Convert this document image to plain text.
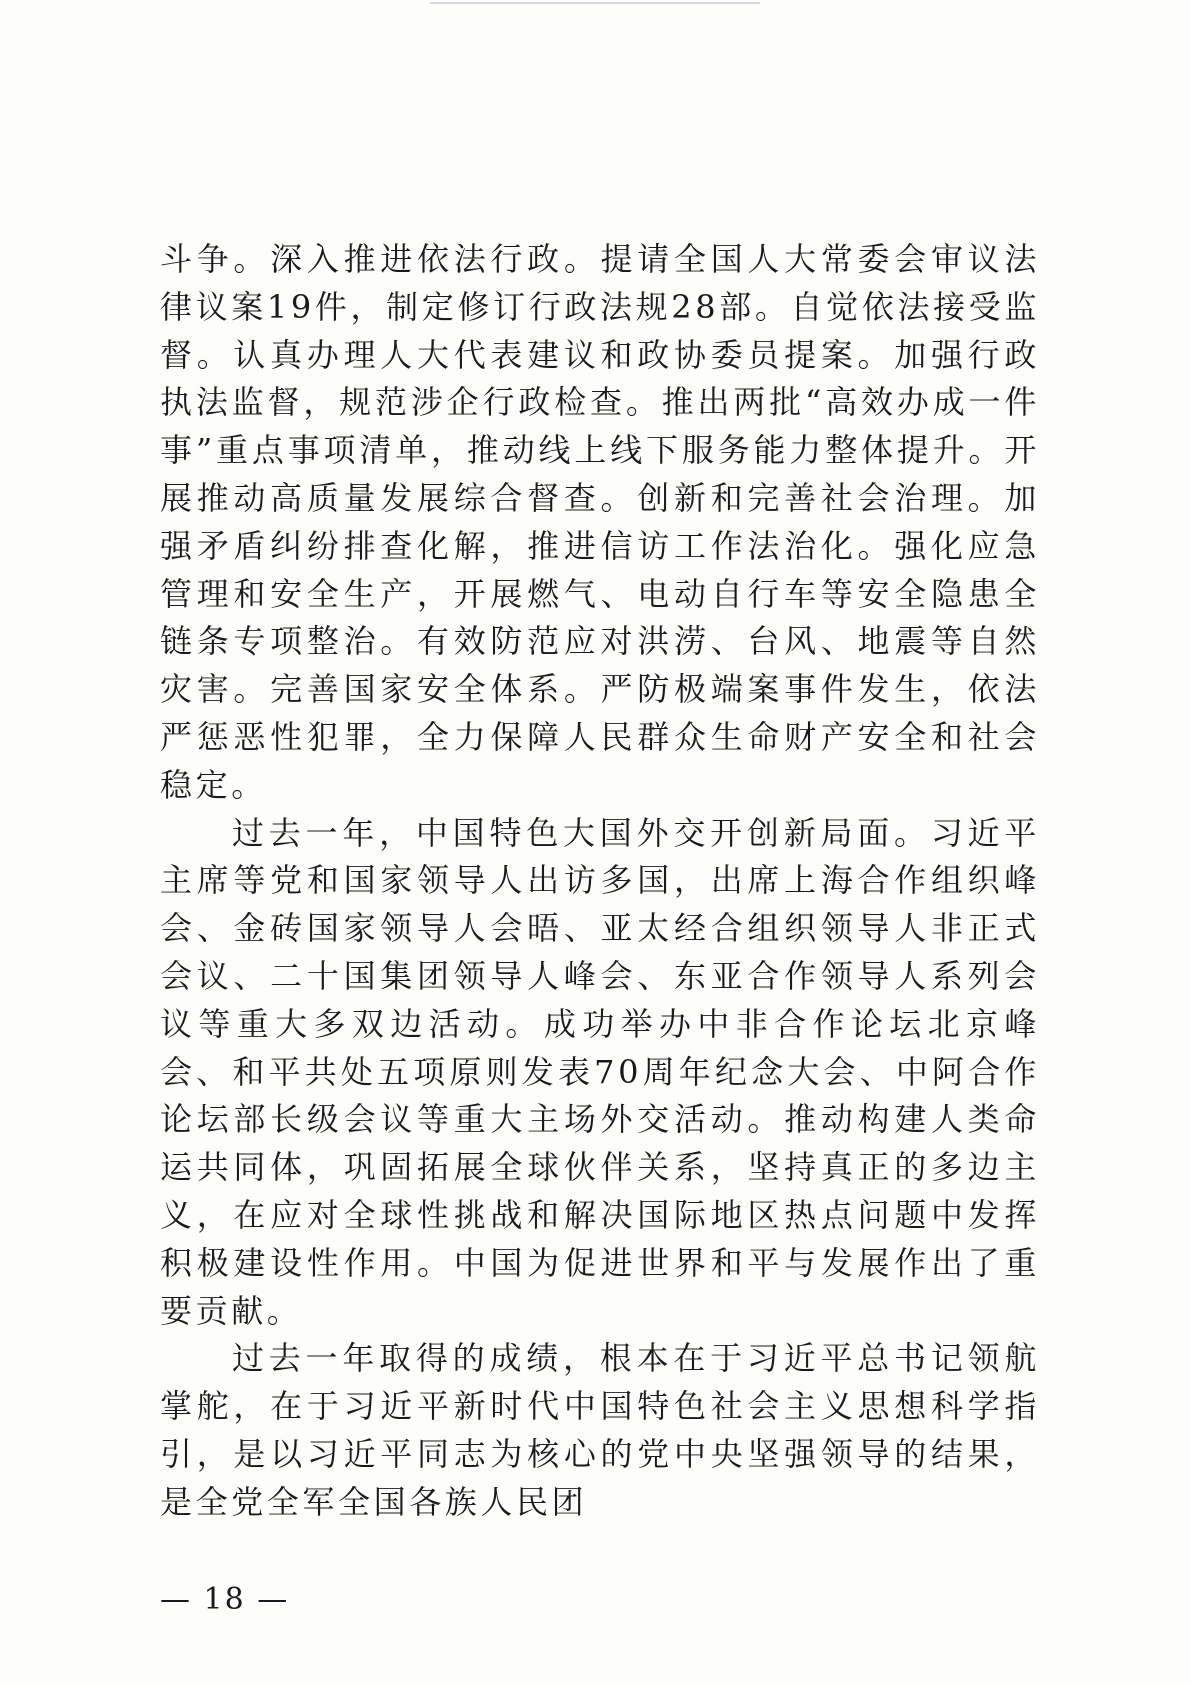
斗争。深入推进依法行政。提请全国人大常委会审议法律议案19件，制定修订行政法规28部。自觉依法接受监督。认真办理人大代表建议和政协委员提案。加强行政执法监督，规范涉企行政检查。推出两批“高效办成一件事”重点事项清单，推动线上线下服务能力整体提升。开展推动高质量发展综合督查。创新和完善社会治理。加强矛盾纠纷排查化解，推进信访工作法治化。强化应急管理和安全生产，开展燃气、电动自行车等安全隐患全链条专项整治。有效防范应对洪涝、台风、地震等自然灾害。完善国家安全体系。严防极端案事件发生，依法严惩恶性犯罪，全力保障人民群众生命财产安全和社会稳定。

过去一年，中国特色大国外交开创新局面。习近平主席等党和国家领导人出访多国，出席上海合作组织峰会、金砖国家领导人会晤、亚太经合组织领导人非正式会议、二十国集团领导人峰会、东亚合作领导人系列会议等重大多双边活动。成功举办中非合作论坛北京峰会、和平共处五项原则发表70周年纪念大会、中阿合作论坛部长级会议等重大主场外交活动。推动构建人类命运共同体，巩固拓展全球伙伴关系，坚持真正的多边主义，在应对全球性挑战和解决国际地区热点问题中发挥积极建设性作用。中国为促进世界和平与发展作出了重要贡献。

过去一年取得的成绩，根本在于习近平总书记领航掌舵，在于习近平新时代中国特色社会主义思想科学指引，是以习近平同志为核心的党中央坚强领导的结果，是全党全军全国各族人民团

— 18 —
